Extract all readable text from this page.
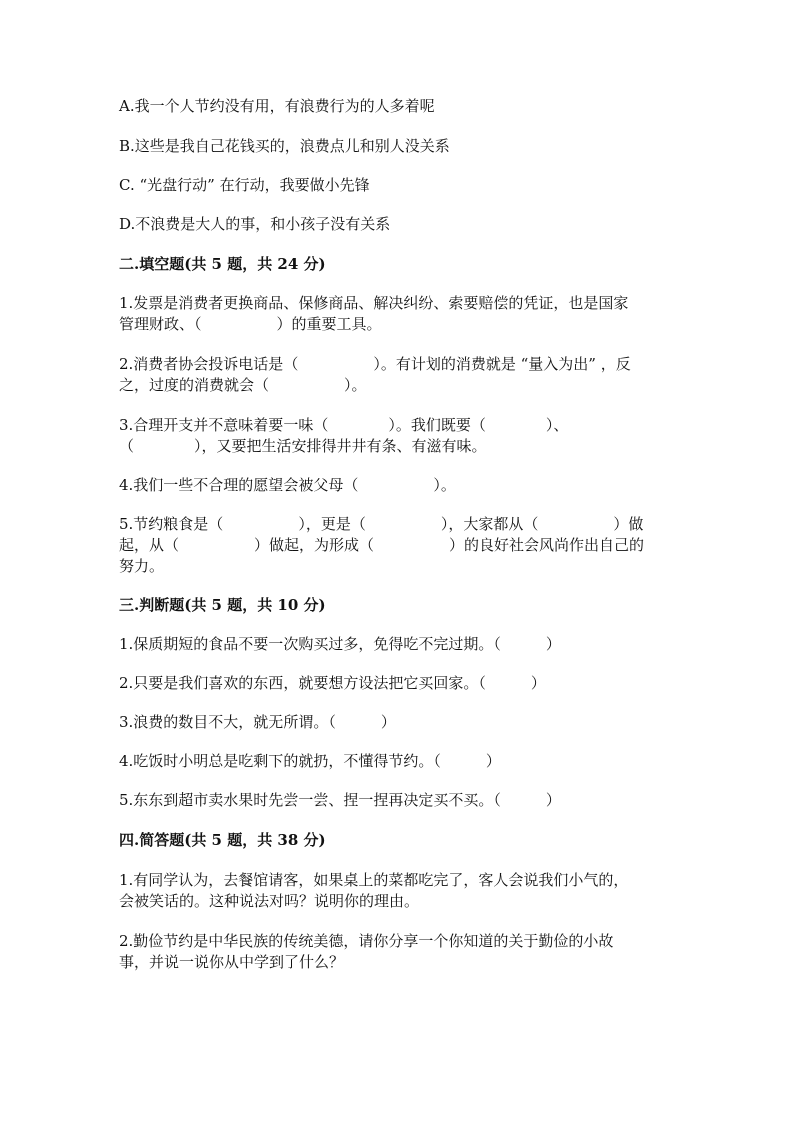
A.我一个人节约没有用，有浪费行为的人多着呢
B.这些是我自己花钱买的，浪费点儿和别人没关系
C. “光盘行动” 在行动，我要做小先锋
D.不浪费是大人的事，和小孩子没有关系
二.填空题(共 5 题，共 24 分)
1.发票是消费者更换商品、保修商品、解决纠纷、索要赔偿的凭证，也是国家
管理财政、（　　　　　）的重要工具。
2.消费者协会投诉电话是（　　　　　）。有计划的消费就是 “量入为出” ，反
之，过度的消费就会（　　　　　）。
3.合理开支并不意味着要一味（　　　　）。我们既要（　　　　）、
（　　　　），又要把生活安排得井井有条、有滋有味。
4.我们一些不合理的愿望会被父母（　　　　　）。
5.节约粮食是（　　　　　），更是（　　　　　），大家都从（　　　　　）做
起，从（　　　　　）做起，为形成（　　　　　）的良好社会风尚作出自己的
努力。
三.判断题(共 5 题，共 10 分)
1.保质期短的食品不要一次购买过多，免得吃不完过期。（　　　）
2.只要是我们喜欢的东西，就要想方设法把它买回家。（　　　）
3.浪费的数目不大，就无所谓。（　　　）
4.吃饭时小明总是吃剩下的就扔，不懂得节约。（　　　）
5.东东到超市卖水果时先尝一尝、捏一捏再决定买不买。（　　　）
四.简答题(共 5 题，共 38 分)
1.有同学认为，去餐馆请客，如果桌上的菜都吃完了，客人会说我们小气的，
会被笑话的。这种说法对吗？说明你的理由。
2.勤俭节约是中华民族的传统美德，请你分享一个你知道的关于勤俭的小故
事，并说一说你从中学到了什么？
